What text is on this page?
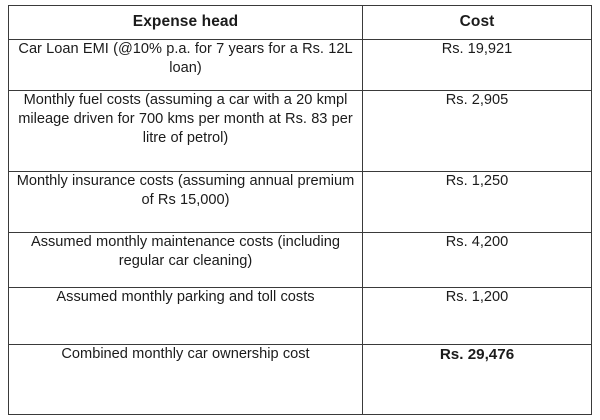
Expense head	Cost
Car Loan EMI (@10% p.a. for 7 years for a Rs. 12L loan)	Rs. 19,921
Monthly fuel costs (assuming a car with a 20 kmpl mileage driven for 700 kms per month at Rs. 83 per litre of petrol)	Rs. 2,905
Monthly insurance costs (assuming annual premium of Rs 15,000)	Rs. 1,250
Assumed monthly maintenance costs (including regular car cleaning)	Rs. 4,200
Assumed monthly parking and toll costs	Rs. 1,200
Combined monthly car ownership cost	Rs. 29,476
